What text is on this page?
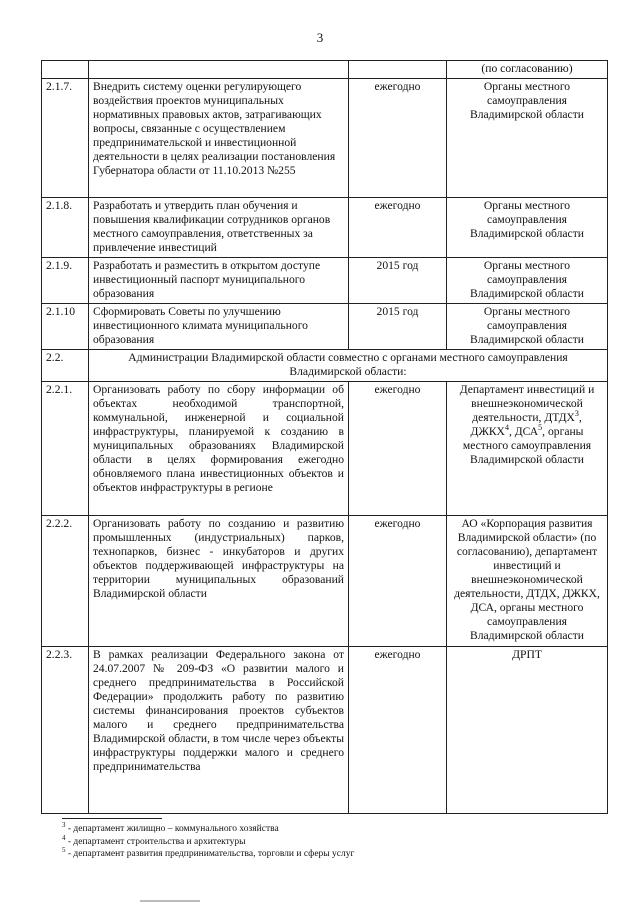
3
			(по согласованию)
2.1.7.	Внедрить систему оценки регулирующего воздействия проектов муниципальных нормативных правовых актов, затрагивающих вопросы, связанные с осуществлением предпринимательской и инвестиционной деятельности в целях реализации постановления Губернатора области от 11.10.2013 №255	ежегодно	Органы местного самоуправления Владимирской области
2.1.8.	Разработать и утвердить план обучения и повышения квалификации сотрудников органов местного самоуправления, ответственных за привлечение инвестиций	ежегодно	Органы местного самоуправления Владимирской области
2.1.9.	Разработать и разместить в открытом доступе инвестиционный паспорт муниципального образования	2015 год	Органы местного самоуправления Владимирской области
2.1.10	Сформировать Советы по улучшению инвестиционного климата муниципального образования	2015 год	Органы местного самоуправления Владимирской области
2.2.	Администрации Владимирской области совместно с органами местного самоуправления Владимирской области:		
2.2.1.	Организовать работу по сбору информации об объектах необходимой транспортной, коммунальной, инженерной и социальной инфраструктуры, планируемой к созданию в муниципальных образованиях Владимирской области в целях формирования ежегодно обновляемого плана инвестиционных объектов и объектов инфраструктуры в регионе	ежегодно	Департамент инвестиций и внешнеэкономической деятельности, ДТДХ$^3$, ДЖКХ$^4$, ДСА$^5$, органы местного самоуправления Владимирской области
2.2.2.	Организовать работу по созданию и развитию промышленных (индустриальных) парков, технопарков, бизнес - инкубаторов и других объектов поддерживающей инфраструктуры на территории муниципальных образований Владимирской области	ежегодно	АО «Корпорация развития Владимирской области» (по согласованию), департамент инвестиций и внешнеэкономической деятельности, ДТДХ, ДЖКХ, ДСА, органы местного самоуправления Владимирской области
2.2.3.	В рамках реализации Федерального закона от 24.07.2007 № 209-ФЗ «О развитии малого и среднего предпринимательства в Российской Федерации» продолжить работу по развитию системы финансирования проектов субъектов малого и среднего предпринимательства Владимирской области, в том числе через объекты инфраструктуры поддержки малого и среднего предпринимательства	ежегодно	ДРПТ
$^3$ - департамент жилищно – коммунального хозяйства
$^4$ - департамент строительства и архитектуры
$^5$ - департамент развития предпринимательства, торговли и сферы услуг
